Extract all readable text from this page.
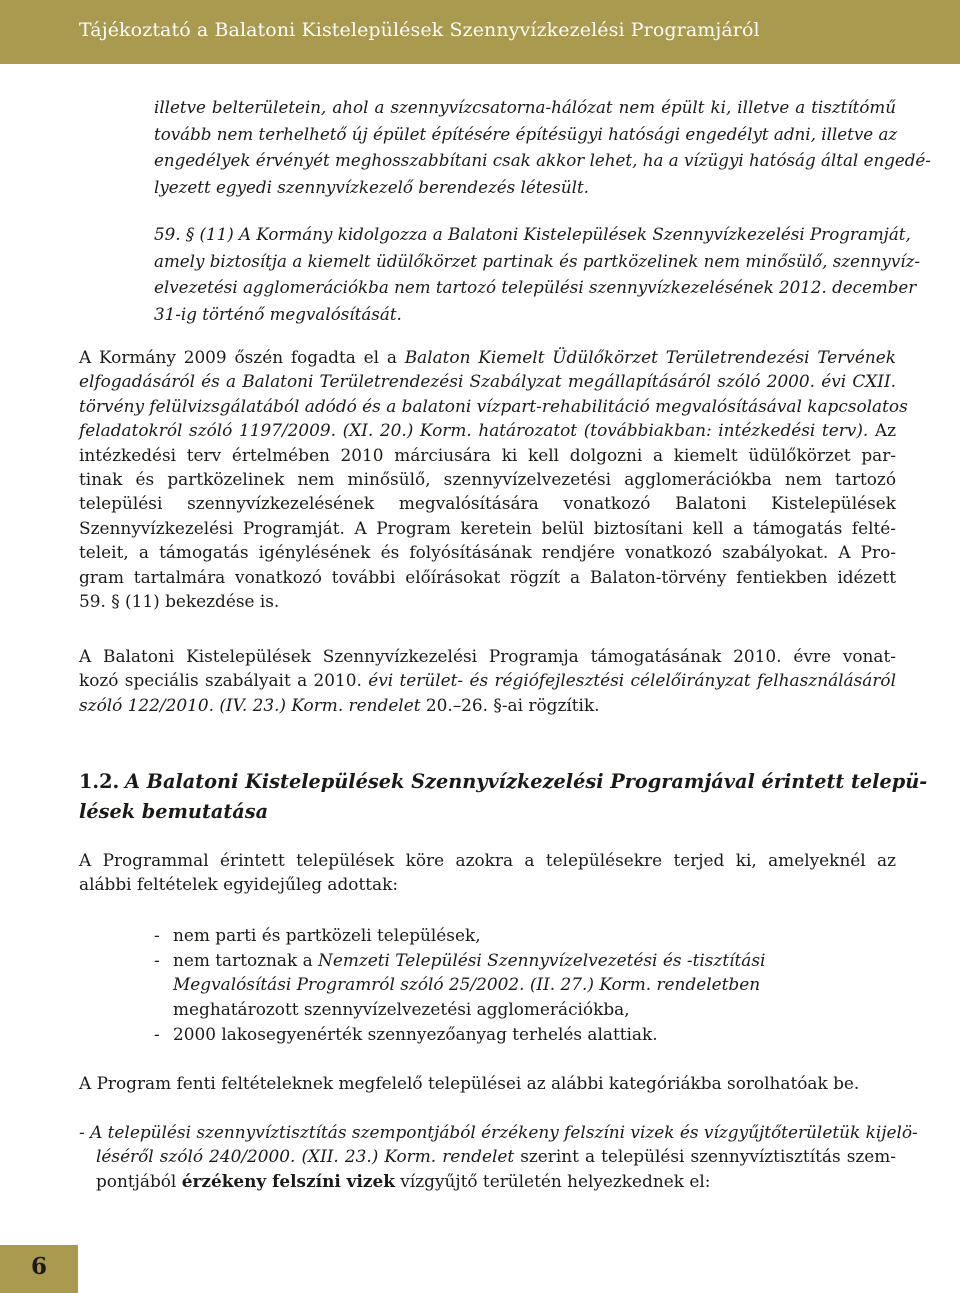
Tájékoztató a Balatoni Kistelepülések Szennyvízkezelési Programjáról
illetve belterületein, ahol a szennyvízcsatorna-hálózat nem épült ki, illetve a tisztítómű
tovább nem terhelhető új épület építésére építésügyi hatósági engedélyt adni, illetve az
engedélyek érvényét meghosszabbítani csak akkor lehet, ha a vízügyi hatóság által engedé-
lyezett egyedi szennyvízkezelő berendezés létesült.
59. § (11) A Kormány kidolgozza a Balatoni Kistelepülések Szennyvízkezelési Programját,
amely biztosítja a kiemelt üdülőkörzet partinak és partközelinek nem minősülő, szennyvíz-
elvezetési agglomerációkba nem tartozó települési szennyvízkezelésének 2012. december
31-ig történő megvalósítását.
A Kormány 2009 őszén fogadta el a Balaton Kiemelt Üdülőkörzet Területrendezési Tervének
elfogadásáról és a Balatoni Területrendezési Szabályzat megállapításáról szóló 2000. évi CXII.
törvény felülvizsgálatából adódó és a balatoni vízpart-rehabilitáció megvalósításával kapcsolatos
feladatokról szóló 1197/2009. (XI. 20.) Korm. határozatot (továbbiakban: intézkedési terv). Az
intézkedési terv értelmében 2010 márciusára ki kell dolgozni a kiemelt üdülőkörzet par-
tinak és partközelinek nem minősülő, szennyvízelvezetési agglomerációkba nem tartozó
települési szennyvízkezelésének megvalósítására vonatkozó Balatoni Kistelepülések
Szennyvízkezelési Programját. A Program keretein belül biztosítani kell a támogatás felté-
teleit, a támogatás igénylésének és folyósításának rendjére vonatkozó szabályokat. A Pro-
gram tartalmára vonatkozó további előírásokat rögzít a Balaton-törvény fentiekben idézett
59. § (11) bekezdése is.
A Balatoni Kistelepülések Szennyvízkezelési Programja támogatásának 2010. évre vonat-
kozó speciális szabályait a 2010. évi terület- és régiófejlesztési célelőirányzat felhasználásáról
szóló 122/2010. (IV. 23.) Korm. rendelet 20.–26. §-ai rögzítik.
1.2. A Balatoni Kistelepülések Szennyvízkezelési Programjával érintett telepü-
lések bemutatása
A Programmal érintett települések köre azokra a településekre terjed ki, amelyeknél az
alábbi feltételek egyidejűleg adottak:
- nem parti és partközeli települések,
- nem tartoznak a Nemzeti Települési Szennyvízelvezetési és -tisztítási
Megvalósítási Programról szóló 25/2002. (II. 27.) Korm. rendeletben
meghatározott szennyvízelvezetési agglomerációkba,
- 2000 lakosegyenérték szennyezőanyag terhelés alattiak.
A Program fenti feltételeknek megfelelő települései az alábbi kategóriákba sorolhatóak be.
- A települési szennyvíztisztítás szempontjából érzékeny felszíni vizek és vízgyűjtőterületük kijelö-
léséről szóló 240/2000. (XII. 23.) Korm. rendelet szerint a települési szennyvíztisztítás szem-
pontjából érzékeny felszíni vizek vízgyűjtő területén helyezkednek el:
6
